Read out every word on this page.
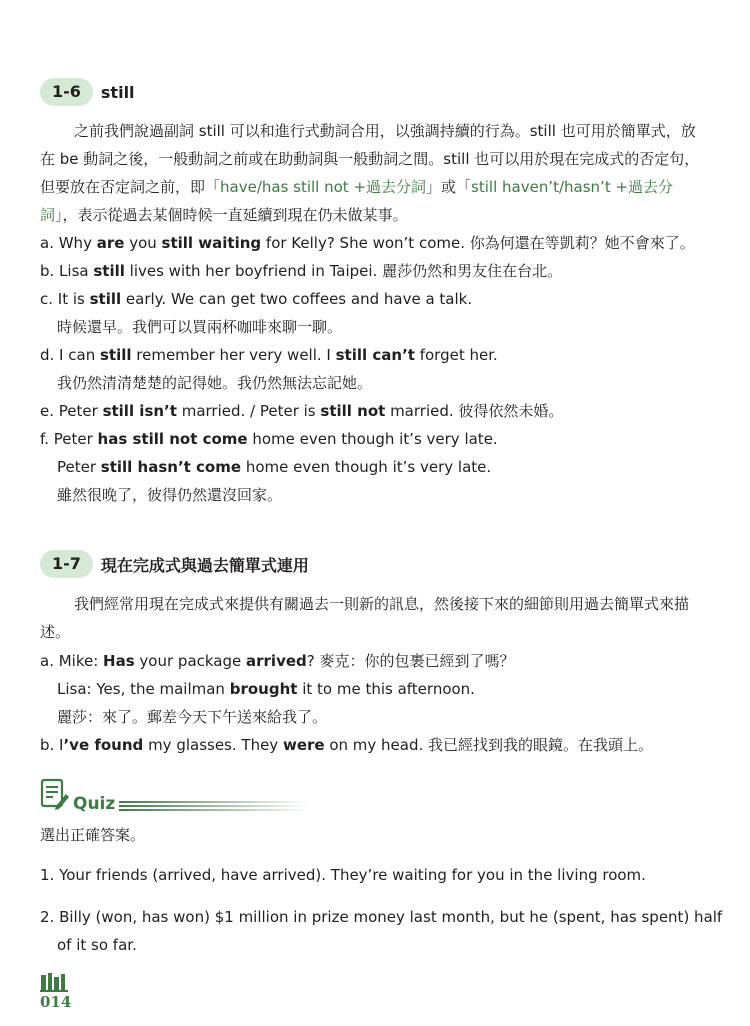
1-6	still

之前我們說過副詞 still 可以和進行式動詞合用，以強調持續的行為。still 也可用於簡單式，放在 be 動詞之後，一般動詞之前或在助動詞與一般動詞之間。still 也可以用於現在完成式的否定句，但要放在否定詞之前，即「have/has still not +過去分詞」或「still haven’t/hasn’t +過去分詞」，表示從過去某個時候一直延續到現在仍未做某事。

a. Why are you still waiting for Kelly? She won’t come. 你為何還在等凱莉？她不會來了。
b. Lisa still lives with her boyfriend in Taipei. 麗莎仍然和男友住在台北。
c. It is still early. We can get two coffees and have a talk.
時候還早。我們可以買兩杯咖啡來聊一聊。
d. I can still remember her very well. I still can’t forget her.
我仍然清清楚楚的記得她。我仍然無法忘記她。
e. Peter still isn’t married. / Peter is still not married. 彼得依然未婚。
f. Peter has still not come home even though it’s very late.
Peter still hasn’t come home even though it’s very late.
雖然很晚了，彼得仍然還沒回家。
1-7	現在完成式與過去簡單式連用

我們經常用現在完成式來提供有關過去一則新的訊息，然後接下來的細節則用過去簡單式來描述。

a. Mike: Has your package arrived? 麥克：你的包裹已經到了嗎？
Lisa: Yes, the mailman brought it to me this afternoon.
麗莎：來了。郵差今天下午送來給我了。
b. I’ve found my glasses. They were on my head. 我已經找到我的眼鏡。在我頭上。
Quiz
選出正確答案。
1. Your friends (arrived, have arrived). They’re waiting for you in the living room.
2. Billy (won, has won) $1 million in prize money last month, but he (spent, has spent) half
of it so far.
014
